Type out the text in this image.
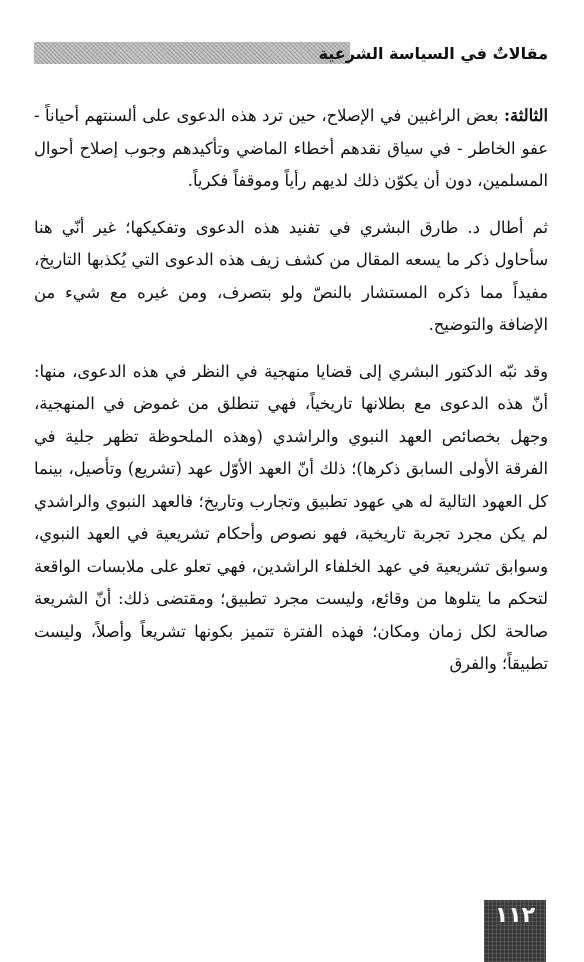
مقالاتٌ في السياسة الشرعية

الثالثة: بعض الراغبين في الإصلاح، حين ترد هذه الدعوى على ألسنتهم أحياناً - عفو الخاطر - في سياق نقدهم أخطاء الماضي وتأكيدهم وجوب إصلاح أحوال المسلمين، دون أن يكوّن ذلك لديهم رأياً وموقفاً فكرياً.

ثم أطال د. طارق البشري في تفنيد هذه الدعوى وتفكيكها؛ غير أنّي هنا سأحاول ذكر ما يسعه المقال من كشف زيف هذه الدعوى التي يُكذبها التاريخ، مفيداً مما ذكره المستشار بالنصّ ولو بتصرف، ومن غيره مع شيء من الإضافة والتوضيح.

وقد نبّه الدكتور البشري إلى قضايا منهجية في النظر في هذه الدعوى، منها: أنّ هذه الدعوى مع بطلانها تاريخياً، فهي تنطلق من غموض في المنهجية، وجهل بخصائص العهد النبوي والراشدي (وهذه الملحوظة تظهر جلية في الفرقة الأولى السابق ذكرها)؛ ذلك أنّ العهد الأوّل عهد (تشريع) وتأصيل، بينما كل العهود التالية له هي عهود تطبيق وتجارب وتاريخ؛ فالعهد النبوي والراشدي لم يكن مجرد تجربة تاريخية، فهو نصوص وأحكام تشريعية في العهد النبوي، وسوابق تشريعية في عهد الخلفاء الراشدين، فهي تعلو على ملابسات الواقعة لتحكم ما يتلوها من وقائع، وليست مجرد تطبيق؛ ومقتضى ذلك: أنّ الشريعة صالحة لكل زمان ومكان؛ فهذه الفترة تتميز بكونها تشريعاً وأصلاً، وليست تطبيقاً؛ والفرق

١١٢
